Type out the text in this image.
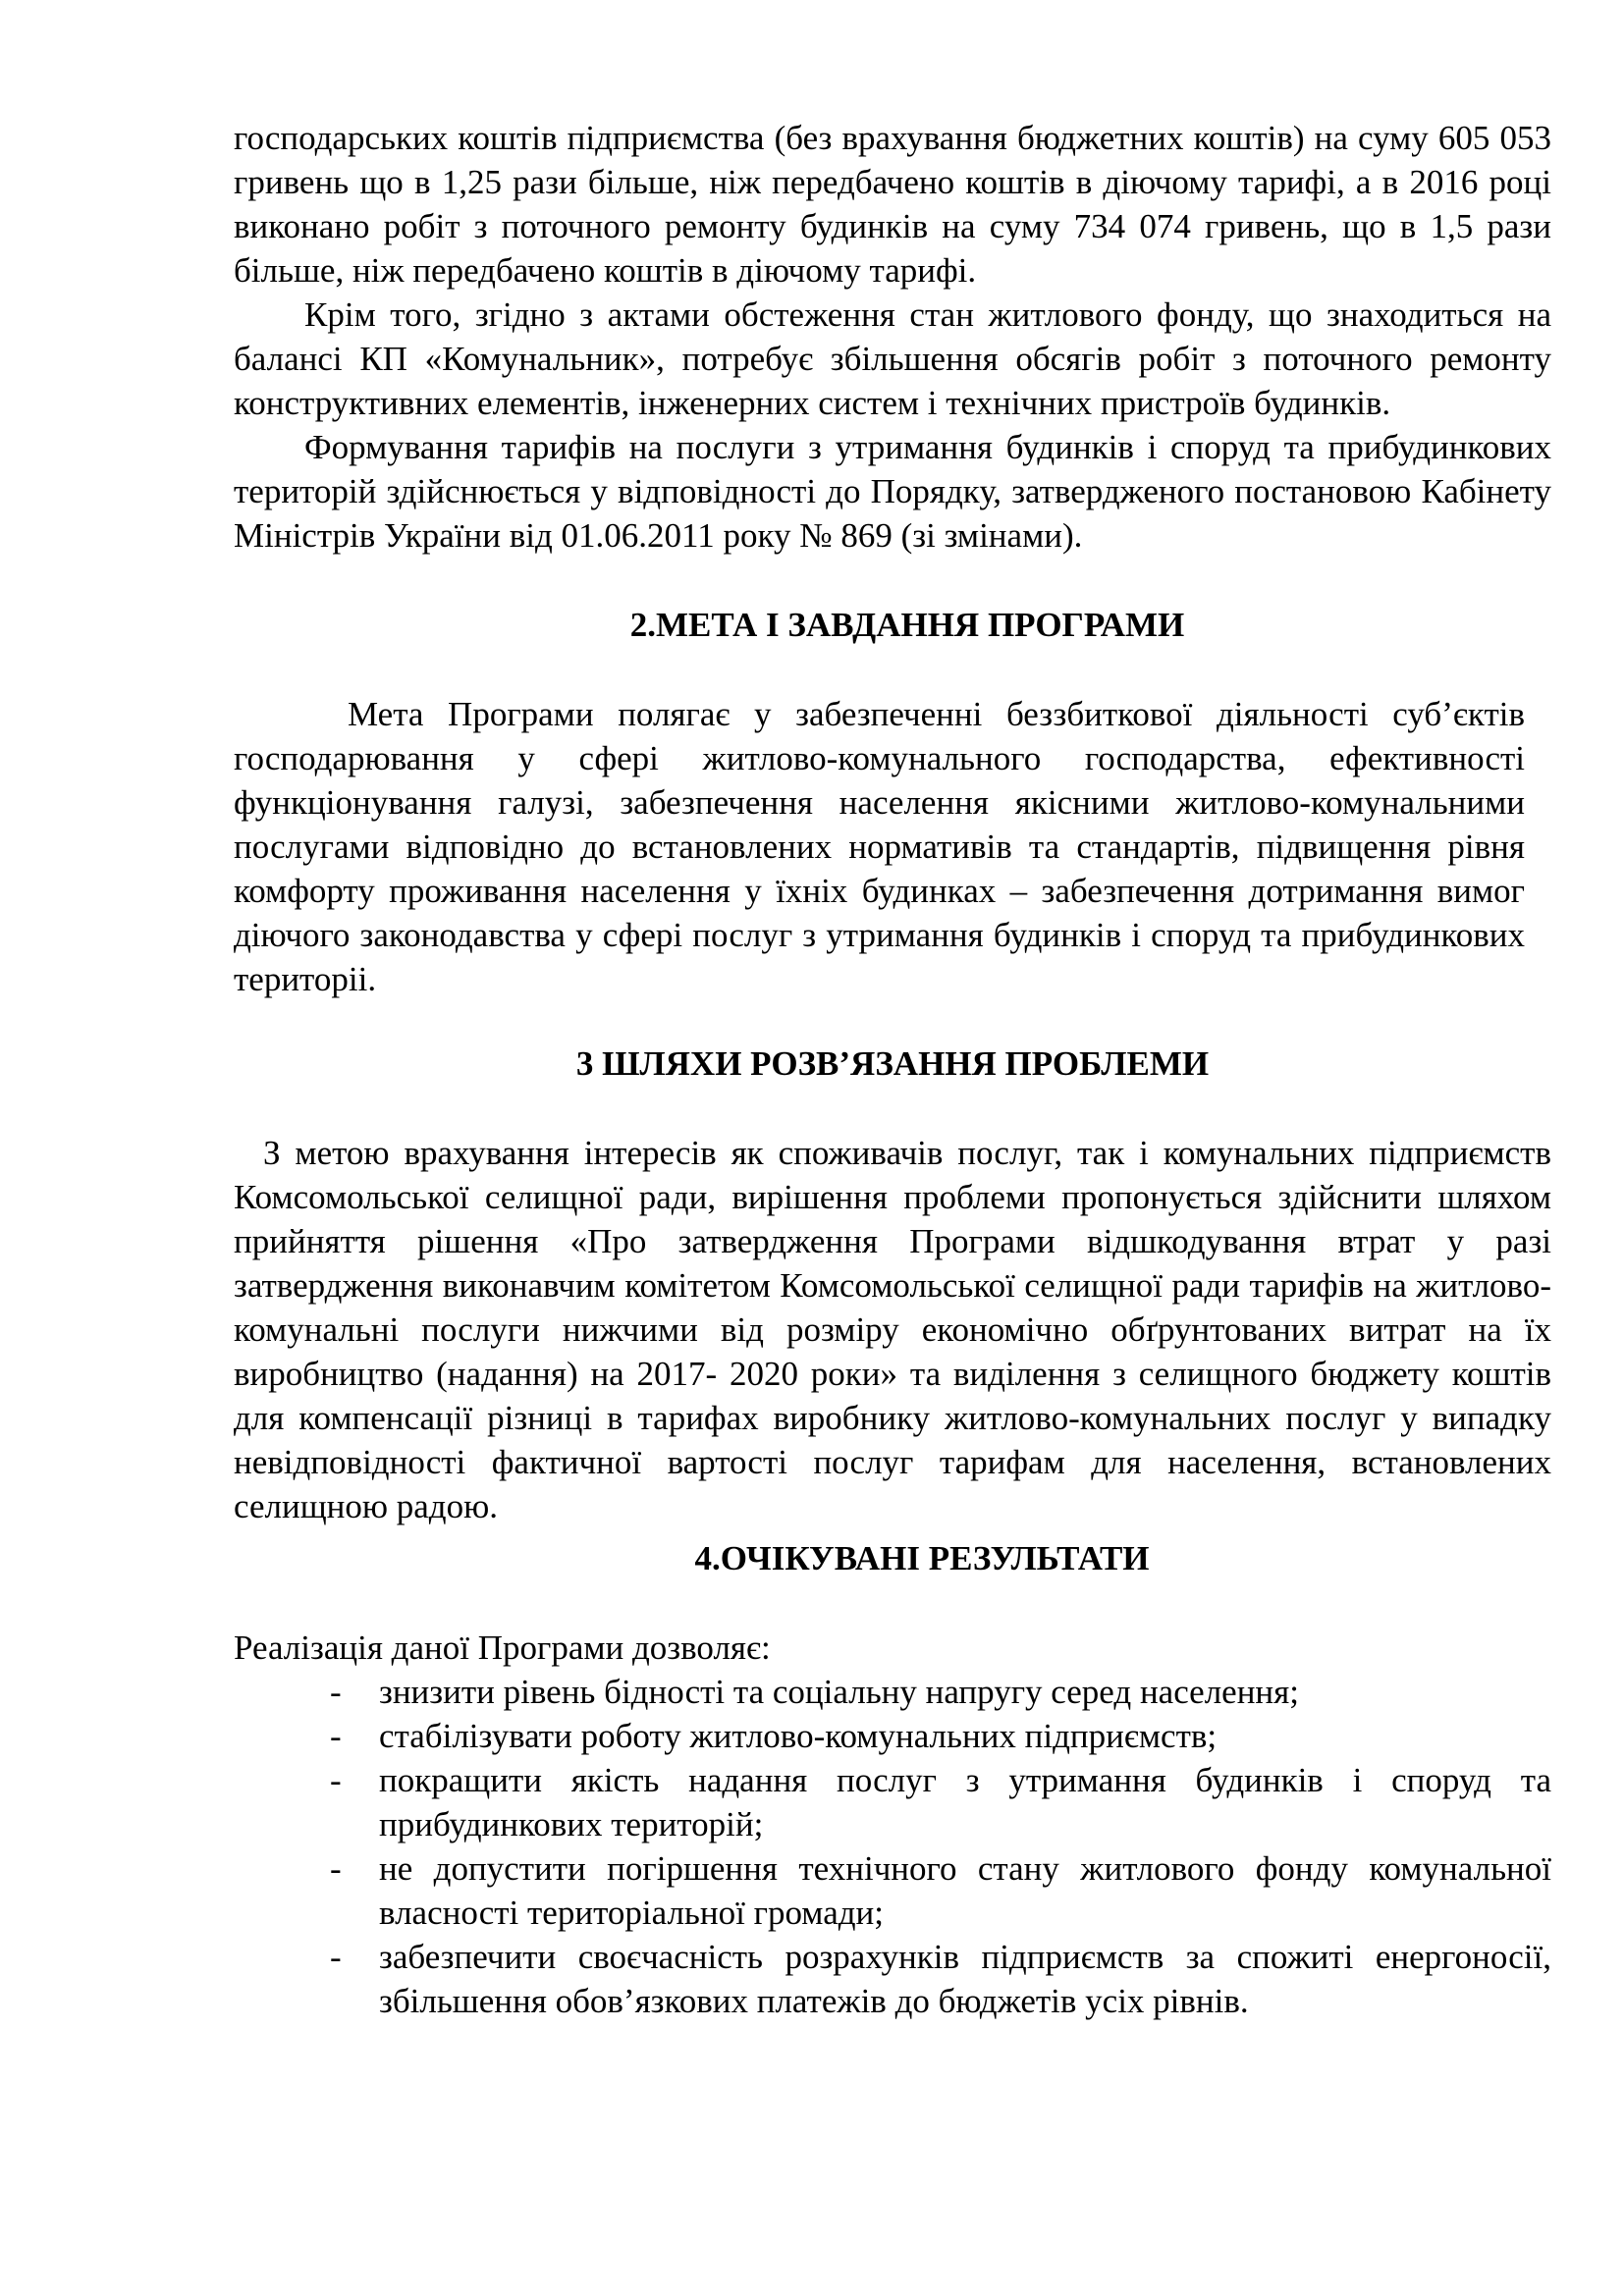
господарських коштів підприємства (без врахування бюджетних коштів) на суму 605 053 гривень що в 1,25 рази більше, ніж передбачено коштів в діючому тарифі, а в 2016 році виконано робіт з поточного ремонту будинків на суму 734 074 гривень, що в 1,5 рази більше, ніж передбачено коштів в діючому тарифі.

Крім того, згідно з актами обстеження стан житлового фонду, що знаходиться на балансі КП «Комунальник», потребує збільшення обсягів робіт з поточного ремонту конструктивних елементів, інженерних систем і технічних пристроїв будинків.

Формування тарифів на послуги з утримання будинків і споруд та прибудинкових територій здійснюється у відповідності до Порядку, затвердженого постановою Кабінету Міністрів України від 01.06.2011 року № 869 (зі змінами).

2.МЕТА І ЗАВДАННЯ ПРОГРАМИ

Мета Програми полягає у забезпеченні беззбиткової діяльності суб’єктів господарювання у сфері житлово-комунального господарства, ефективності функціонування галузі, забезпечення населення якісними житлово-комунальними послугами відповідно до встановлених нормативів та стандартів, підвищення рівня комфорту проживання населення у їхніх будинках – забезпечення дотримання вимог діючого законодавства у сфері послуг з утримання будинків і споруд та прибудинкових територіі.

3 ШЛЯХИ РОЗВ’ЯЗАННЯ ПРОБЛЕМИ

З метою врахування інтересів як споживачів послуг, так і комунальних підприємств Комсомольської селищної ради, вирішення проблеми пропонується здійснити шляхом прийняття рішення «Про затвердження Програми відшкодування втрат у разі затвердження виконавчим комітетом Комсомольської селищної ради тарифів на житлово-комунальні послуги нижчими від розміру економічно обґрунтованих витрат на їх виробництво (надання) на 2017- 2020 роки» та виділення з селищного бюджету коштів для компенсації різниці в тарифах виробнику житлово-комунальних послуг у випадку невідповідності фактичної вартості послуг тарифам для населення, встановлених селищною радою.

4.ОЧІКУВАНІ РЕЗУЛЬТАТИ

Реалізація даної Програми дозволяє:

- знизити рівень бідності та соціальну напругу серед населення;
- стабілізувати роботу житлово-комунальних підприємств;
- покращити якість надання послуг з утримання будинків і споруд та прибудинкових територій;
- не допустити погіршення технічного стану житлового фонду комунальної власності територіальної громади;
- забезпечити своєчасність розрахунків підприємств за спожиті енергоносії, збільшення обов’язкових платежів до бюджетів усіх рівнів.
